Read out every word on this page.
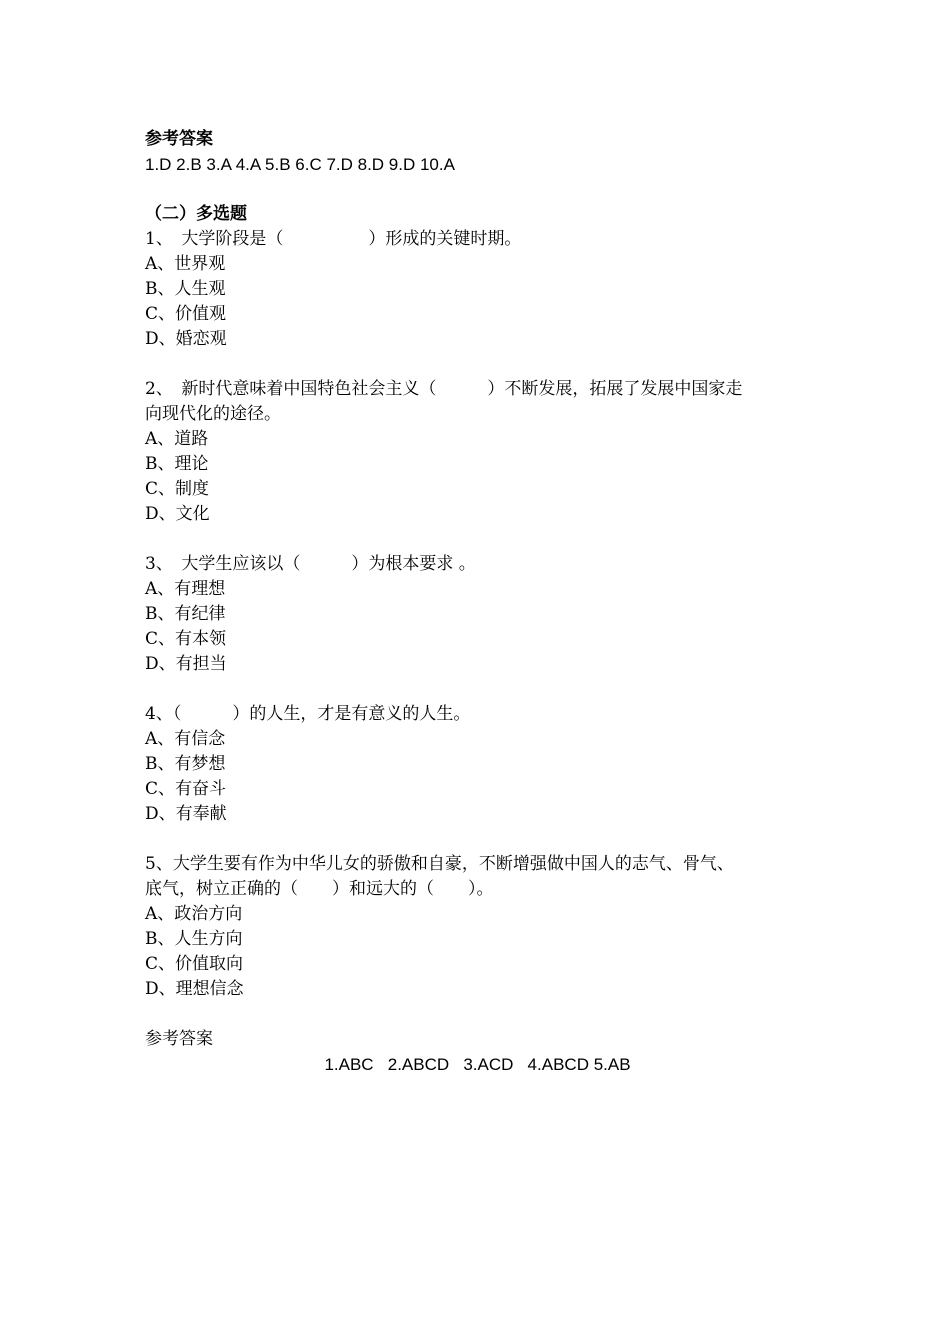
参考答案
1.D 2.B 3.A 4.A 5.B 6.C 7.D 8.D 9.D 10.A
（二）多选题
1、　大学阶段是（　　　　　）形成的关键时期。
A、世界观
B、人生观
C、价值观
D、婚恋观
2、　新时代意味着中国特色社会主义（　　　）不断发展，拓展了发展中国家走
向现代化的途径。
A、道路
B、理论
C、制度
D、文化
3、　大学生应该以（　　　）为根本要求 。
A、有理想
B、有纪律
C、有本领
D、有担当
4、（　　　）的人生，才是有意义的人生。
A、有信念
B、有梦想
C、有奋斗
D、有奉献
5、大学生要有作为中华儿女的骄傲和自豪，不断增强做中国人的志气、骨气、
底气，树立正确的（　　）和远大的（　　）。
A、政治方向
B、人生方向
C、价值取向
D、理想信念
参考答案
1.ABC   2.ABCD   3.ACD   4.ABCD 5.AB
